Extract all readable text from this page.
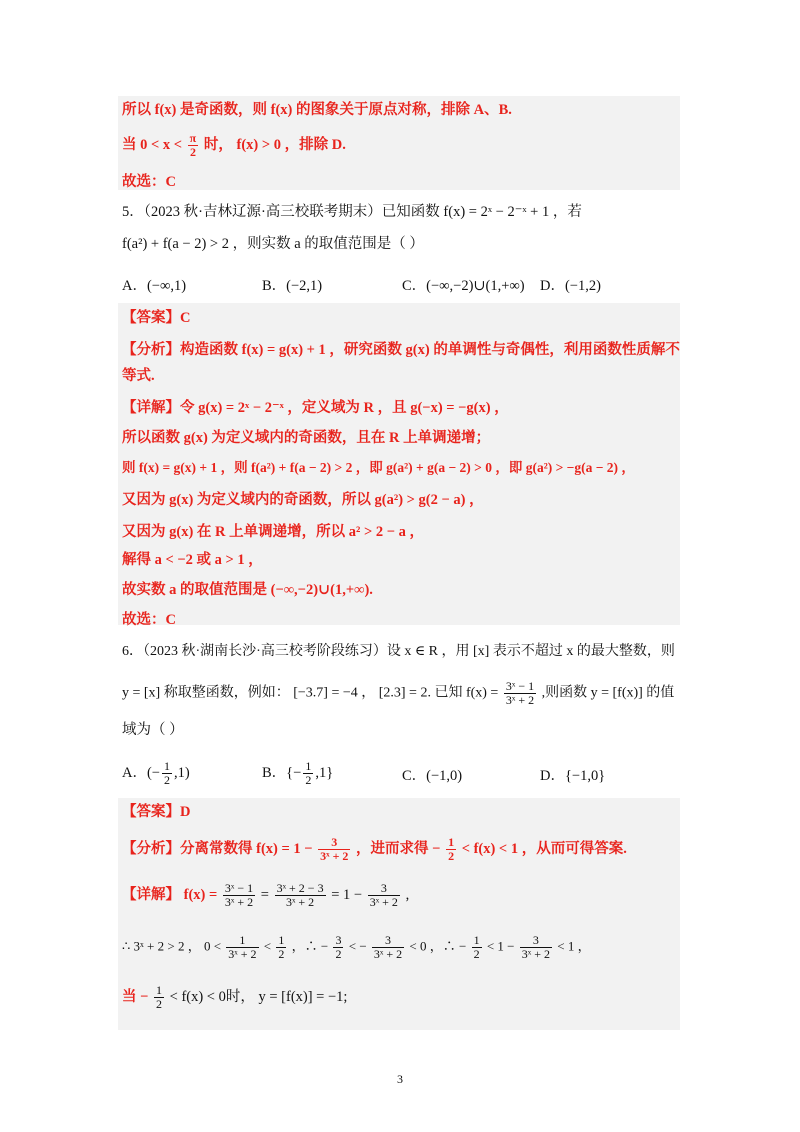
所以 f(x) 是奇函数，则 f(x) 的图象关于原点对称，排除 A、B.
当 $0 < x < \frac{\pi}{2}$ 时， f(x) > 0 ，排除 D.
故选：C
5．（2023 秋·吉林辽源·高三校联考期末）已知函数 f(x) = 2ˣ − 2⁻ˣ + 1 ，若
f(a²) + f(a − 2) > 2 ，则实数 a 的取值范围是（ ）
A．(−∞,1)	B．(−2,1)	C．(−∞,−2)∪(1,+∞) D．(−1,2)
【答案】C
【分析】构造函数 f(x) = g(x) + 1 ，研究函数 g(x) 的单调性与奇偶性，利用函数性质解不
等式.
【详解】令 g(x) = 2ˣ − 2⁻ˣ ，定义域为 R ，且 g(−x) = −g(x) ，
所以函数 g(x) 为定义域内的奇函数，且在 R 上单调递增；
则 f(x) = g(x) + 1 ，则 f(a²) + f(a − 2) > 2 ，即 g(a²) + g(a − 2) > 0 ，即 g(a²) > −g(a − 2) ，
又因为 g(x) 为定义域内的奇函数，所以 g(a²) > g(2 − a) ，
又因为 g(x) 在 R 上单调递增，所以 a² > 2 − a ，
解得 a < −2 或 a > 1 ，
故实数 a 的取值范围是 (−∞,−2)∪(1,+∞).
故选：C
6．（2023 秋·湖南长沙·高三校考阶段练习）设 x ∈ R ，用 [x] 表示不超过 x 的最大整数，则
y = [x] 称取整函数，例如： [−3.7] = −4 ， [2.3] = 2. 已知 $f(x) = \frac{\text{3ˣ − 1}}{\text{3ˣ + 2}}$ ,则函数 y = [f(x)] 的值
域为（ ）
A．(− $\frac{1}{2} ,1$)	B．{− $\frac{1}{2} ,1$}	C．(−1,0)	D．{−1,0}
【答案】D
【分析】分离常数得 $f(x) = 1 - \frac{3}{\text{3ˣ + 2}}$ ，进而求得 − $\frac{1}{2} < f(x) < 1$ ，从而可得答案.
【详解】 $f(x) = \frac{\text{3ˣ − 1}}{\text{3ˣ + 2}} = \frac{\text{3ˣ + 2 − 3}}{\text{3ˣ + 2}} = 1 - \frac{3}{\text{3ˣ + 2}}$ ,
∴ 3ˣ + 2 > 2 ， $0 < \frac{1}{\text{3ˣ + 2}} < \frac{1}{2}$ ，∴ − $\frac{3}{2}$ < − $\frac{3}{\text{3ˣ + 2}} < 0$ ，∴ − $\frac{1}{2} < 1 - \frac{3}{\text{3ˣ + 2}} < 1$ ，
当 − $\frac{1}{2} < f(x) < 0$时， y = [f(x)] = −1;
3
